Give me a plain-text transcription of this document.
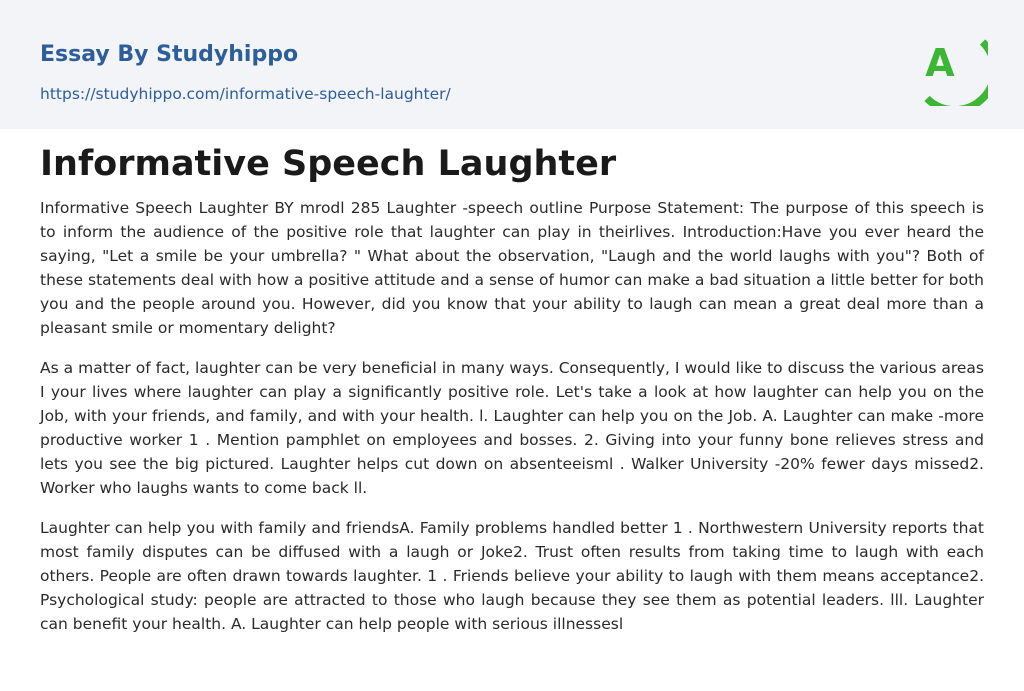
Essay By Studyhippo
https://studyhippo.com/informative-speech-laughter/
A
Informative Speech Laughter

Informative Speech Laughter BY mrodl 285 Laughter -speech outline Purpose Statement: The purpose of this speech is to inform the audience of the positive role that laughter can play in theirlives. Introduction:Have you ever heard the saying, "Let a smile be your umbrella? " What about the observation, "Laugh and the world laughs with you"? Both of these statements deal with how a positive attitude and a sense of humor can make a bad situation a little better for both you and the people around you. However, did you know that your ability to laugh can mean a great deal more than a pleasant smile or momentary delight?

As a matter of fact, laughter can be very beneficial in many ways. Consequently, I would like to discuss the various areas I your lives where laughter can play a significantly positive role. Let's take a look at how laughter can help you on the Job, with your friends, and family, and with your health. l. Laughter can help you on the Job. A. Laughter can make -more productive worker 1 . Mention pamphlet on employees and bosses. 2. Giving into your funny bone relieves stress and lets you see the big pictured. Laughter helps cut down on absenteeisml . Walker University -20% fewer days missed2. Worker who laughs wants to come back ll.

Laughter can help you with family and friendsA. Family problems handled better 1 . Northwestern University reports that most family disputes can be diffused with a laugh or Joke2. Trust often results from taking time to laugh with each others. People are often drawn towards laughter. 1 . Friends believe your ability to laugh with them means acceptance2. Psychological study: people are attracted to those who laugh because they see them as potential leaders. lll. Laughter can benefit your health. A. Laughter can help people with serious illnessesl
